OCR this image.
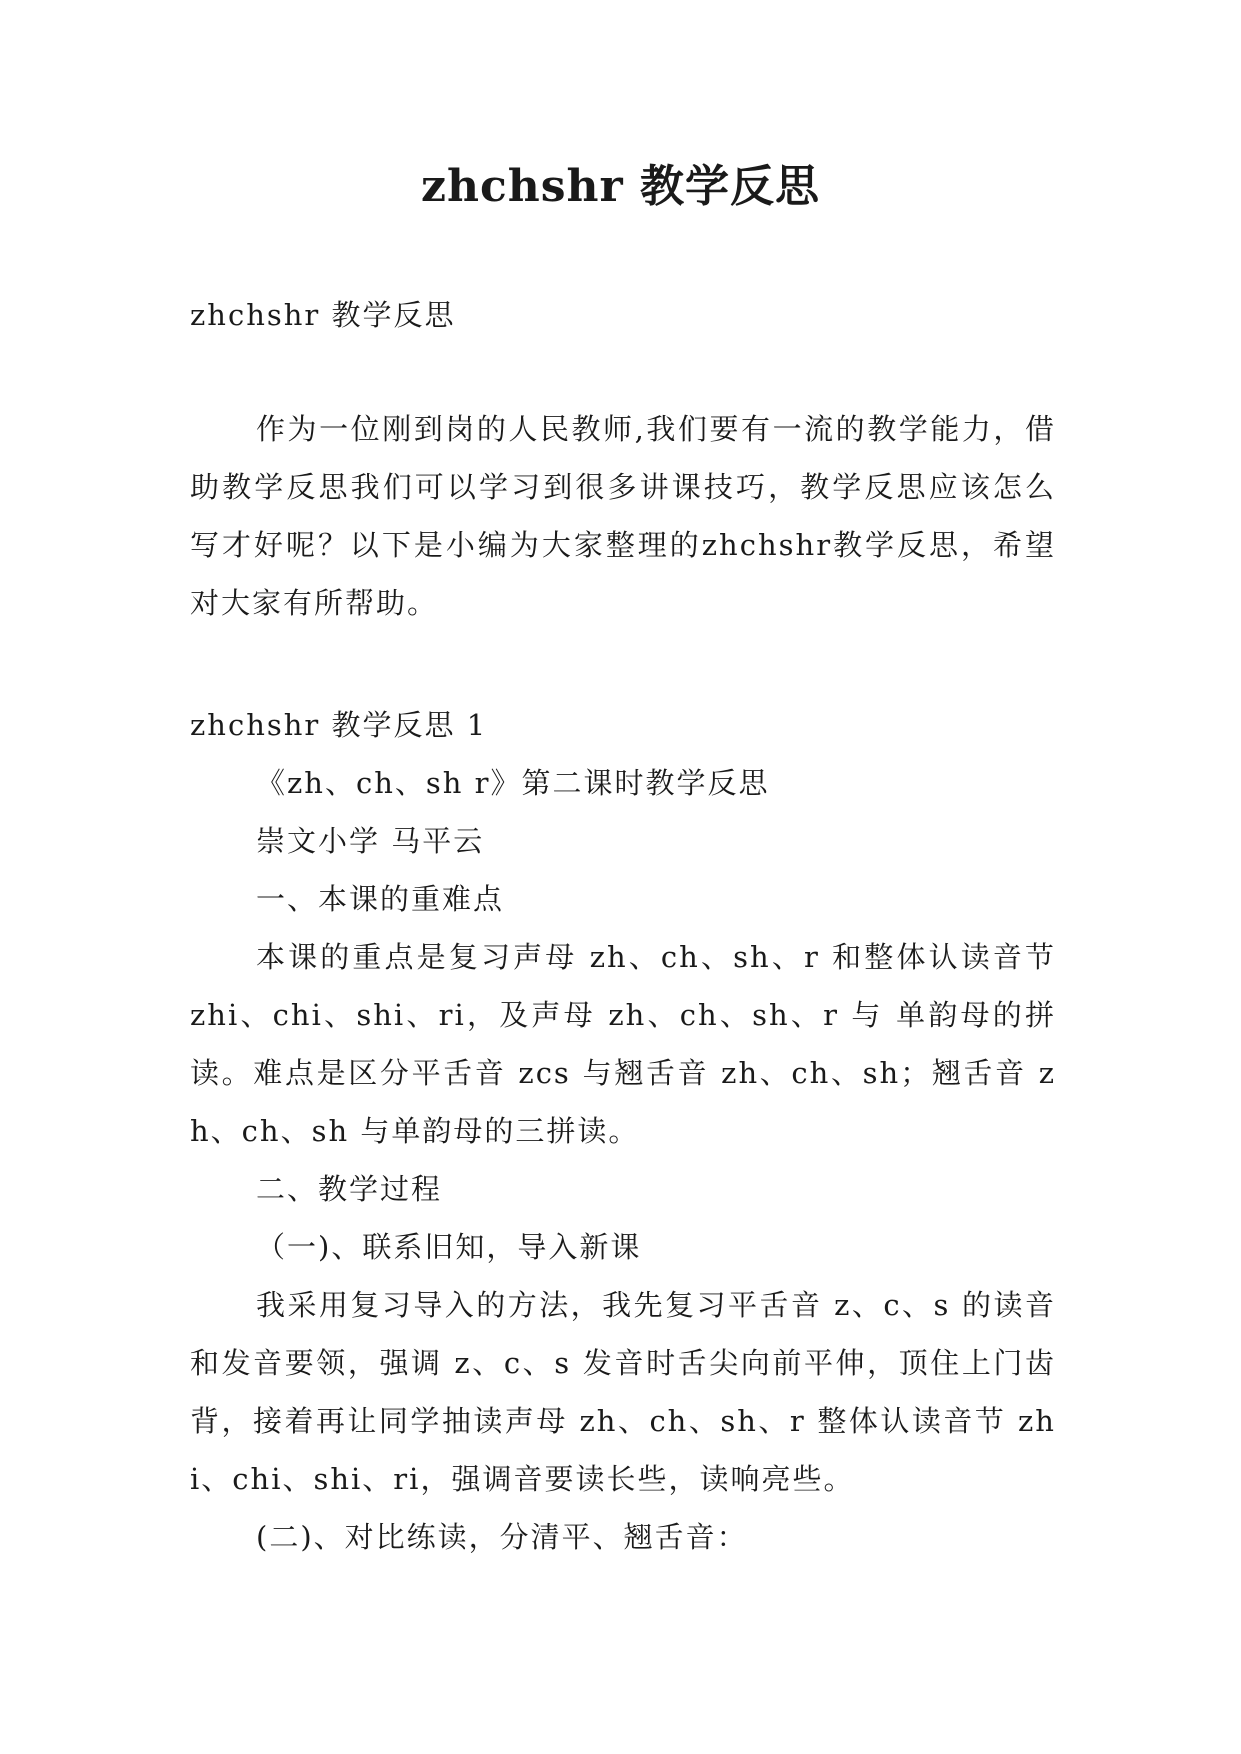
zhchshr 教学反思
zhchshr 教学反思
作为一位刚到岗的人民教师,我们要有一流的教学能力，借助教学反思我们可以学习到很多讲课技巧，教学反思应该怎么写才好呢？以下是小编为大家整理的zhchshr教学反思，希望对大家有所帮助。
zhchshr 教学反思 1
《zh、ch、sh r》第二课时教学反思
崇文小学 马平云
一、本课的重难点
本课的重点是复习声母 zh、ch、sh、r 和整体认读音节 zhi、chi、shi、ri，及声母 zh、ch、sh、r 与 单韵母的拼读。难点是区分平舌音 zcs 与翘舌音 zh、ch、sh；翘舌音 zh、ch、sh 与单韵母的三拼读。
二、教学过程
（一)、联系旧知，导入新课
我采用复习导入的方法，我先复习平舌音 z、c、s 的读音和发音要领，强调 z、c、s 发音时舌尖向前平伸，顶住上门齿背，接着再让同学抽读声母 zh、ch、sh、r 整体认读音节 zhi、chi、shi、ri，强调音要读长些，读响亮些。
(二)、对比练读，分清平、翘舌音：
